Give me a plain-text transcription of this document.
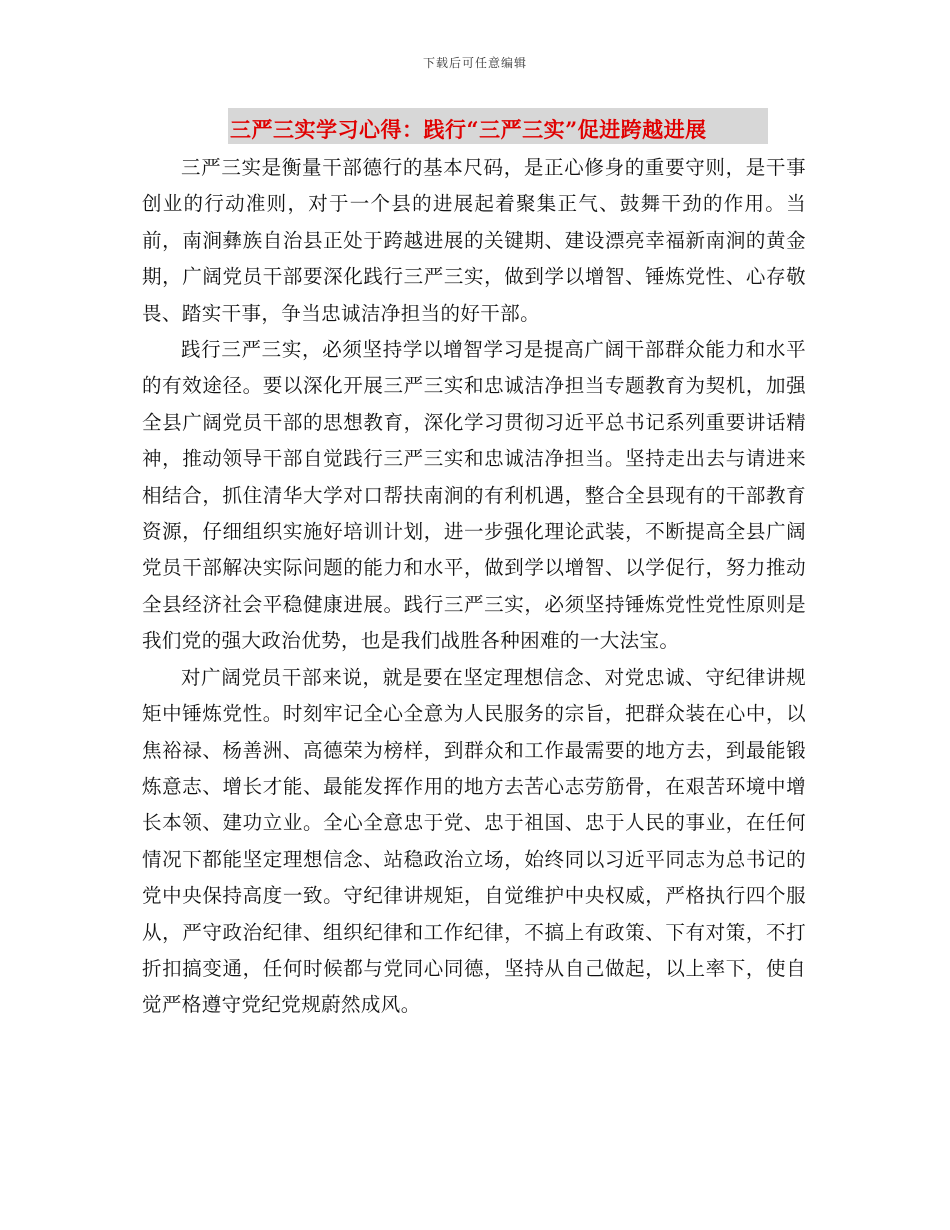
下载后可任意编辑
三严三实学习心得：践行“三严三实”促进跨越进展

三严三实是衡量干部德行的基本尺码，是正心修身的重要守则，是干事创业的行动准则，对于一个县的进展起着聚集正气、鼓舞干劲的作用。当前，南涧彝族自治县正处于跨越进展的关键期、建设漂亮幸福新南涧的黄金期，广阔党员干部要深化践行三严三实，做到学以增智、锤炼党性、心存敬畏、踏实干事，争当忠诚洁净担当的好干部。

践行三严三实，必须坚持学以增智学习是提高广阔干部群众能力和水平的有效途径。要以深化开展三严三实和忠诚洁净担当专题教育为契机，加强全县广阔党员干部的思想教育，深化学习贯彻习近平总书记系列重要讲话精神，推动领导干部自觉践行三严三实和忠诚洁净担当。坚持走出去与请进来相结合，抓住清华大学对口帮扶南涧的有利机遇，整合全县现有的干部教育资源，仔细组织实施好培训计划，进一步强化理论武装，不断提高全县广阔党员干部解决实际问题的能力和水平，做到学以增智、以学促行，努力推动全县经济社会平稳健康进展。践行三严三实，必须坚持锤炼党性党性原则是我们党的强大政治优势，也是我们战胜各种困难的一大法宝。

对广阔党员干部来说，就是要在坚定理想信念、对党忠诚、守纪律讲规矩中锤炼党性。时刻牢记全心全意为人民服务的宗旨，把群众装在心中，以焦裕禄、杨善洲、高德荣为榜样，到群众和工作最需要的地方去，到最能锻炼意志、增长才能、最能发挥作用的地方去苦心志劳筋骨，在艰苦环境中增长本领、建功立业。全心全意忠于党、忠于祖国、忠于人民的事业，在任何情况下都能坚定理想信念、站稳政治立场，始终同以习近平同志为总书记的党中央保持高度一致。守纪律讲规矩，自觉维护中央权威，严格执行四个服从，严守政治纪律、组织纪律和工作纪律，不搞上有政策、下有对策，不打折扣搞变通，任何时候都与党同心同德，坚持从自己做起，以上率下，使自觉严格遵守党纪党规蔚然成风。
